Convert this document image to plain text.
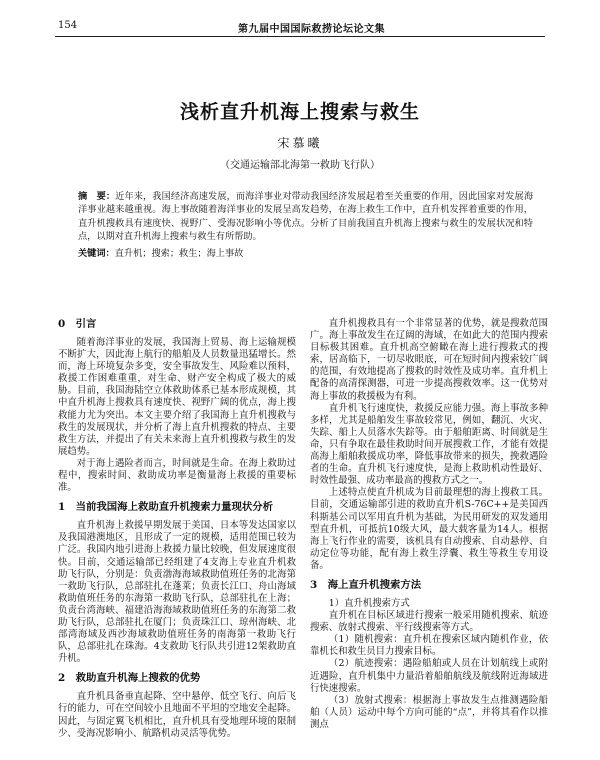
154	第九届中国国际救捞论坛论文集
浅析直升机海上搜索与救生
宋慕曦
（交通运输部北海第一救助飞行队）
摘　要：近年来，我国经济高速发展，而海洋事业对带动我国经济发展起着至关重要的作用，因此国家对发展海洋事业越来越重视。海上事故随着海洋事业的发展呈高发趋势，在海上救生工作中，直升机发挥着重要的作用，直升机搜救具有速度快、视野广、受海况影响小等优点。分析了目前我国直升机海上搜索与救生的发展状况和特点，以期对直升机海上搜索与救生有所帮助。
关键词：直升机；搜索；救生；海上事故
0　引言

随着海洋事业的发展，我国海上贸易、海上运输规模不断扩大，因此海上航行的船舶及人员数量迅猛增长。然而，海上环境复杂多变，安全事故发生、风险难以预料，救援工作困难重重，对生命、财产安全构成了极大的威胁。目前，我国海陆空立体救助体系已基本形成规模，其中直升机海上搜救具有速度快、视野广阔的优点，海上搜救能力尤为突出。本文主要介绍了我国海上直升机搜救与救生的发展现状，并分析了海上直升机搜救的特点、主要救生方法，并提出了有关未来海上直升机搜救与救生的发展趋势。

对于海上遇险者而言，时间就是生命。在海上救助过程中，搜索时间、救助成功率是衡量海上救援的重要标准。

1　当前我国海上救助直升机搜索力量现状分析

直升机海上救援早期发展于美国、日本等发达国家以及我国港澳地区，且形成了一定的规模，适用范围已较为广泛。我国内地引进海上救援力量比较晚，但发展速度很快。目前，交通运输部已经组建了4支海上专业直升机救助飞行队，分别是：负责渤海海域救助值班任务的北海第一救助飞行队，总部驻扎在蓬莱；负责长江口、舟山海域救助值班任务的东海第一救助飞行队，总部驻扎在上海；负责台湾海峡、福建沿海海域救助值班任务的东海第二救助飞行队，总部驻扎在厦门；负责珠江口、琼州海峡、北部湾海域及西沙海域救助值班任务的南海第一救助飞行队，总部驻扎在珠海。4支救助飞行队共引进12架救助直升机。

2　救助直升机海上搜救的优势

直升机具备垂直起降、空中悬停、低空飞行、向后飞行的能力，可在空间较小且地面不平坦的空地安全起降。因此，与固定翼飞机相比，直升机具有受地理环境的限制少、受海况影响小、航路机动灵活等优势。

直升机搜救具有一个非常显著的优势，就是搜救范围广。海上事故发生在辽阔的海域，在如此大的范围内搜索目标极其困难。直升机高空俯瞰在海上进行搜救式的搜索，居高临下，一切尽收眼底，可在短时间内搜索较广阔的范围，有效地提高了搜救的时效性及成功率。直升机上配备的高清探测器，可进一步提高搜救效率。这一优势对海上事故的救援极为有利。

直升机飞行速度快，救援反应能力强。海上事故多种多样，尤其是船舶发生事故较常见，例如，翻沉、火灾、失踪、船上人员落水失踪等。由于船舶距离、时间就是生命，只有争取在最佳救助时间开展搜救工作，才能有效提高海上船舶救援成功率，降低事故带来的损失，挽救遇险者的生命。直升机飞行速度快，是海上救助机动性最好、时效性最强、成功率最高的搜救方式之一。

上述特点使直升机成为目前最理想的海上搜救工具。目前，交通运输部引进的救助直升机S-76C++是美国西科斯基公司以军用直升机为基础，为民用研发的双发通用型直升机，可抵抗10级大风，最大载客量为14人。根据海上飞行作业的需要，该机具有自动搜索、自动悬停、自动定位等功能，配有海上救生浮囊、救生等救生专用设备。

3　海上直升机搜索方法

1）直升机搜索方式

直升机在目标区域进行搜索一般采用随机搜索、航迹搜索、放射式搜索、平行线搜索等方式。

（1）随机搜索：直升机在搜索区域内随机作业，依靠机长和救生员目力搜索目标。

（2）航迹搜索：遇险船舶或人员在计划航线上或附近遇险，直升机集中力量沿着船舶航线及航线附近海域进行快速搜索。

（3）放射式搜索：根据海上事故发生点推测遇险船舶（人员）运动中每个方向可能的“点”，并将其看作以推测点
